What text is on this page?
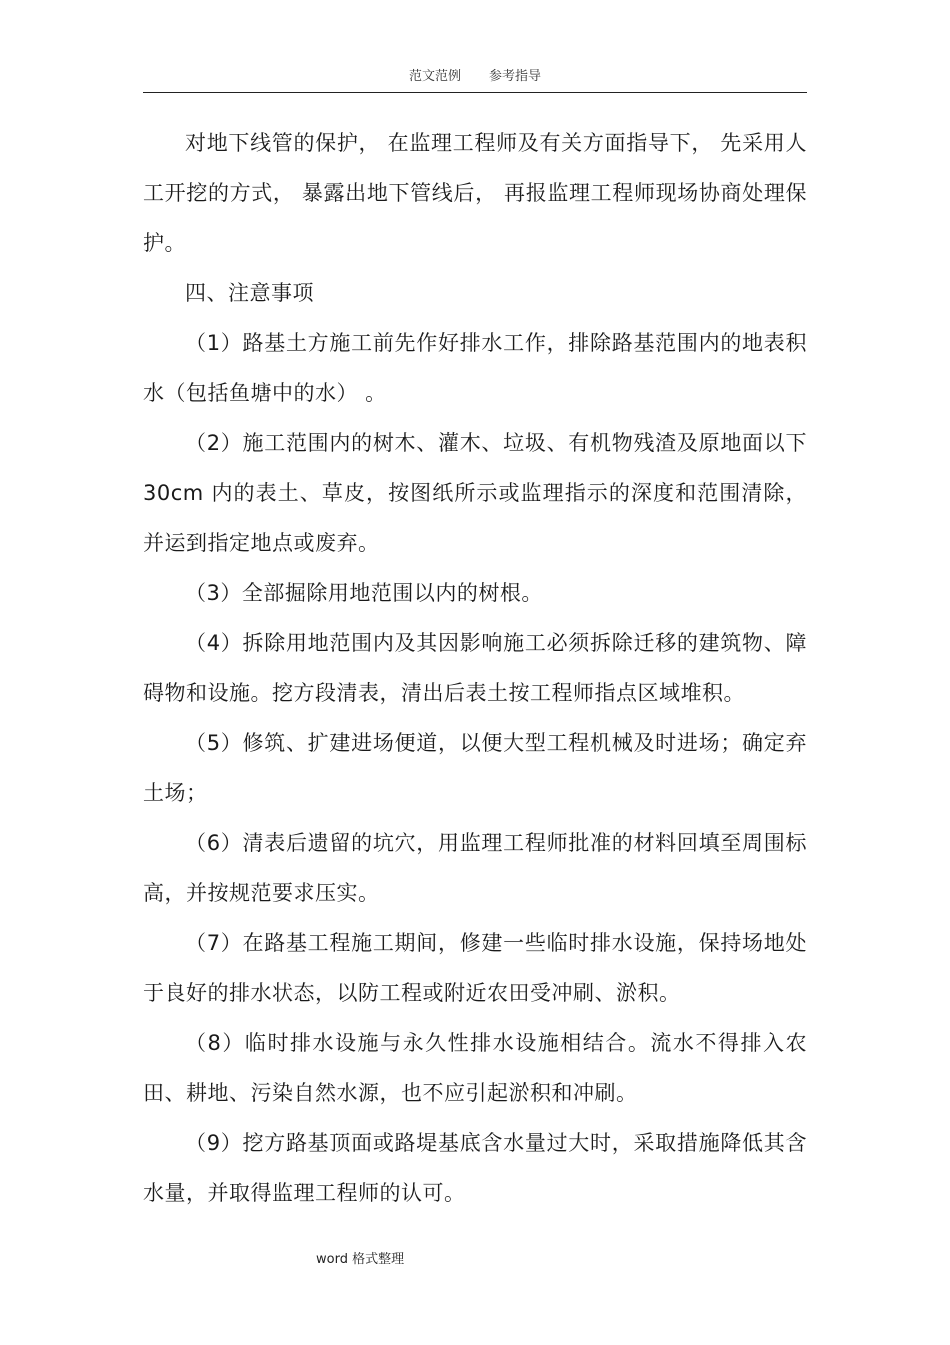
范文范例 参考指导

对地下线管的保护， 在监理工程师及有关方面指导下， 先采用人工开挖的方式， 暴露出地下管线后， 再报监理工程师现场协商处理保护。

四、注意事项

（1）路基土方施工前先作好排水工作，排除路基范围内的地表积水（包括鱼塘中的水） 。

（2）施工范围内的树木、灌木、垃圾、有机物残渣及原地面以下 30cm 内的表土、草皮，按图纸所示或监理指示的深度和范围清除，并运到指定地点或废弃。

（3）全部掘除用地范围以内的树根。

（4）拆除用地范围内及其因影响施工必须拆除迁移的建筑物、障碍物和设施。挖方段清表，清出后表土按工程师指点区域堆积。

（5）修筑、扩建进场便道，以便大型工程机械及时进场；确定弃土场；

（6）清表后遗留的坑穴，用监理工程师批准的材料回填至周围标高，并按规范要求压实。

（7）在路基工程施工期间，修建一些临时排水设施，保持场地处于良好的排水状态，以防工程或附近农田受冲刷、淤积。

（8）临时排水设施与永久性排水设施相结合。流水不得排入农田、耕地、污染自然水源，也不应引起淤积和冲刷。

（9）挖方路基顶面或路堤基底含水量过大时，采取措施降低其含水量，并取得监理工程师的认可。

word 格式整理
